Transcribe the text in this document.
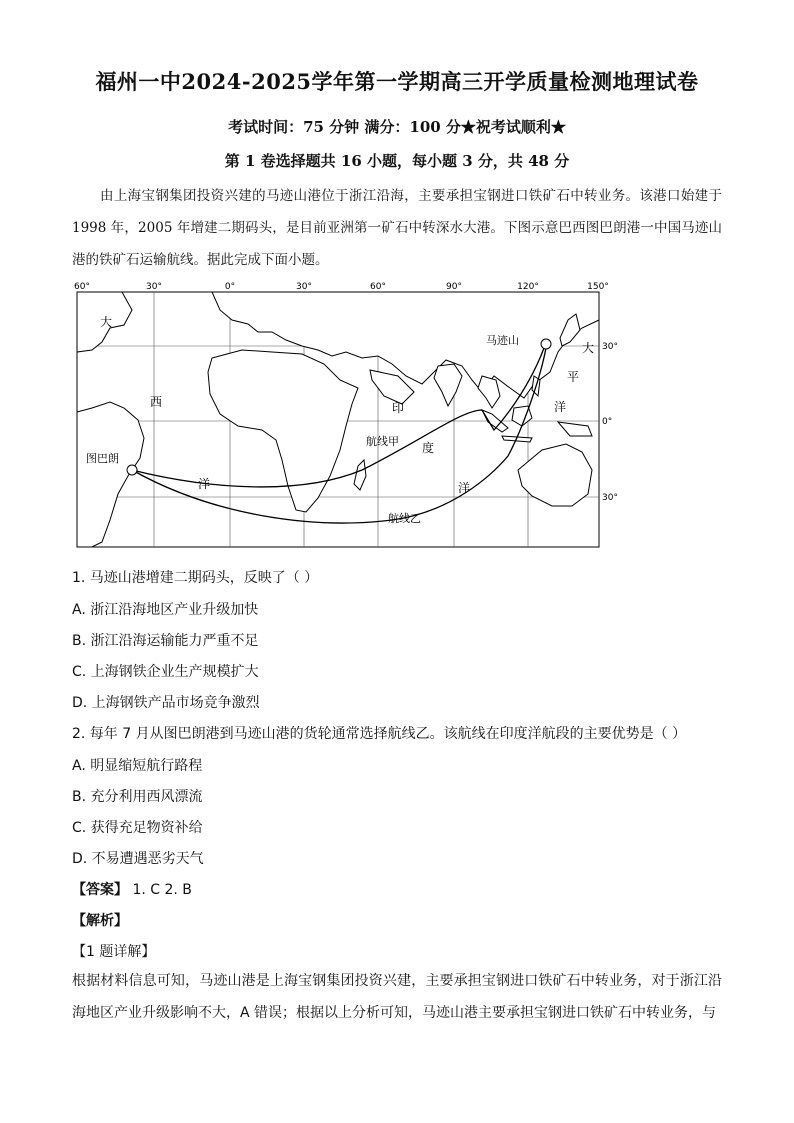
福州一中2024-2025学年第一学期高三开学质量检测地理试卷
考试时间：75 分钟 满分：100 分★祝考试顺利★
第 1 卷选择题共 16 小题，每小题 3 分，共 48 分
由上海宝钢集团投资兴建的马迹山港位于浙江沿海，主要承担宝钢进口铁矿石中转业务。该港口始建于 1998 年，2005 年增建二期码头，是目前亚洲第一矿石中转深水大港。下图示意巴西图巴朗港一中国马迹山港的铁矿石运输航线。据此完成下面小题。
60°	30°	0°	30°	60°	90°	120°	150°
30°
0°
30°
大
西
洋
印
度
洋
大
平
洋
图巴朗
马迹山
航线甲
航线乙
1. 马迹山港增建二期码头，反映了（ ）
A. 浙江沿海地区产业升级加快
B. 浙江沿海运输能力严重不足
C. 上海钢铁企业生产规模扩大
D. 上海钢铁产品市场竞争激烈
2. 每年 7 月从图巴朗港到马迹山港的货轮通常选择航线乙。该航线在印度洋航段的主要优势是（ ）
A. 明显缩短航行路程
B. 充分利用西风漂流
C. 获得充足物资补给
D. 不易遭遇恶劣天气
【答案】 1. C 2. B
【解析】
【1 题详解】
根据材料信息可知，马迹山港是上海宝钢集团投资兴建，主要承担宝钢进口铁矿石中转业务，对于浙江沿海地区产业升级影响不大，A 错误；根据以上分析可知，马迹山港主要承担宝钢进口铁矿石中转业务，与
